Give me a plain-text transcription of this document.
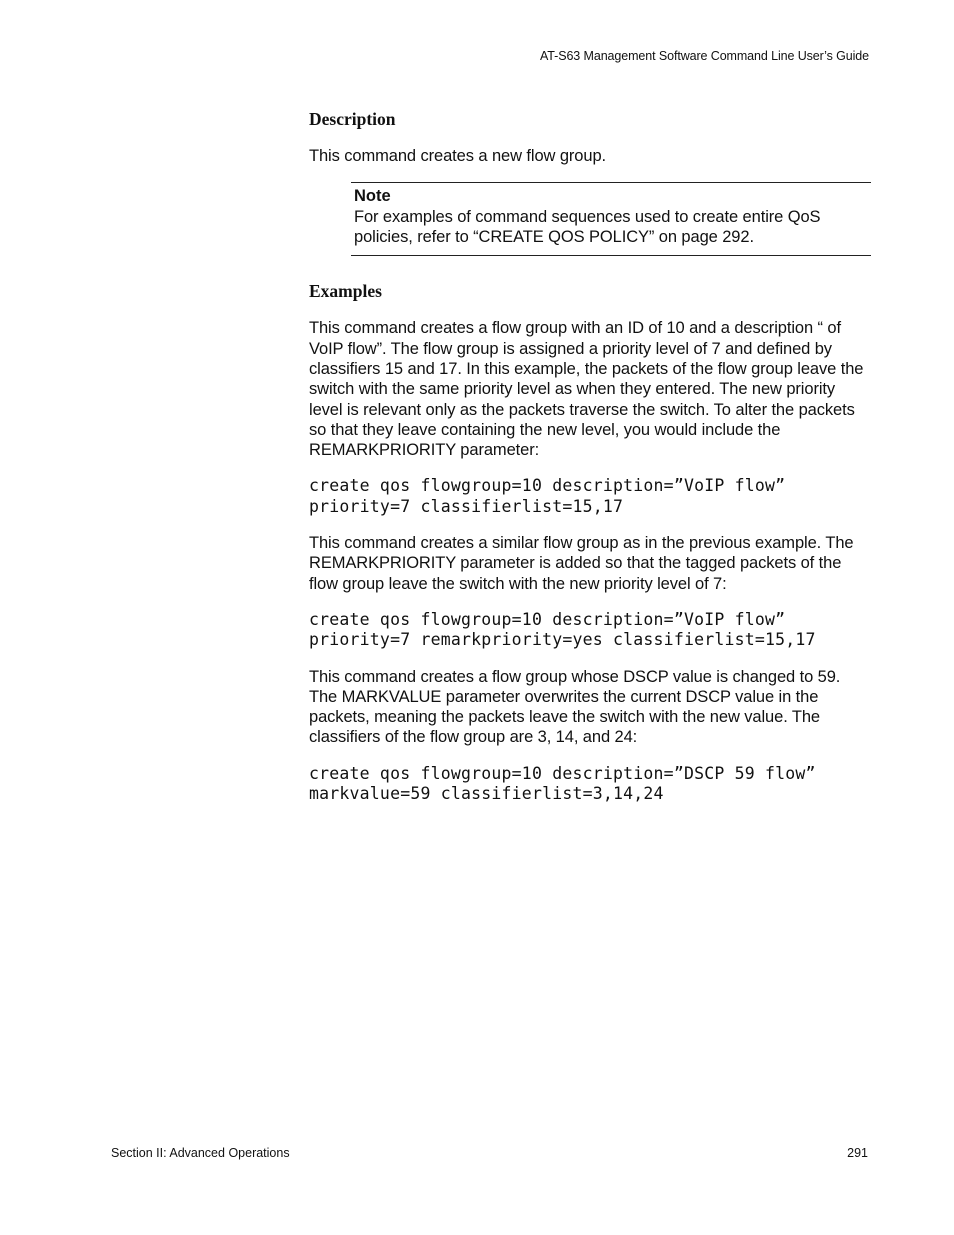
AT-S63 Management Software Command Line User’s Guide
Description

This command creates a new flow group.

Note

For examples of command sequences used to create entire QoS policies, refer to “CREATE QOS POLICY” on page 292.

Examples

This command creates a flow group with an ID of 10 and a description “ of VoIP flow”. The flow group is assigned a priority level of 7 and defined by classifiers 15 and 17. In this example, the packets of the flow group leave the switch with the same priority level as when they entered. The new priority level is relevant only as the packets traverse the switch. To alter the packets so that they leave containing the new level, you would include the REMARKPRIORITY parameter:

create qos flowgroup=10 description=”VoIP flow”
priority=7 classifierlist=15,17

This command creates a similar flow group as in the previous example. The REMARKPRIORITY parameter is added so that the tagged packets of the flow group leave the switch with the new priority level of 7:

create qos flowgroup=10 description=”VoIP flow”
priority=7 remarkpriority=yes classifierlist=15,17

This command creates a flow group whose DSCP value is changed to 59. The MARKVALUE parameter overwrites the current DSCP value in the packets, meaning the packets leave the switch with the new value. The classifiers of the flow group are 3, 14, and 24:

create qos flowgroup=10 description=”DSCP 59 flow”
markvalue=59 classifierlist=3,14,24
Section II: Advanced Operations	291
